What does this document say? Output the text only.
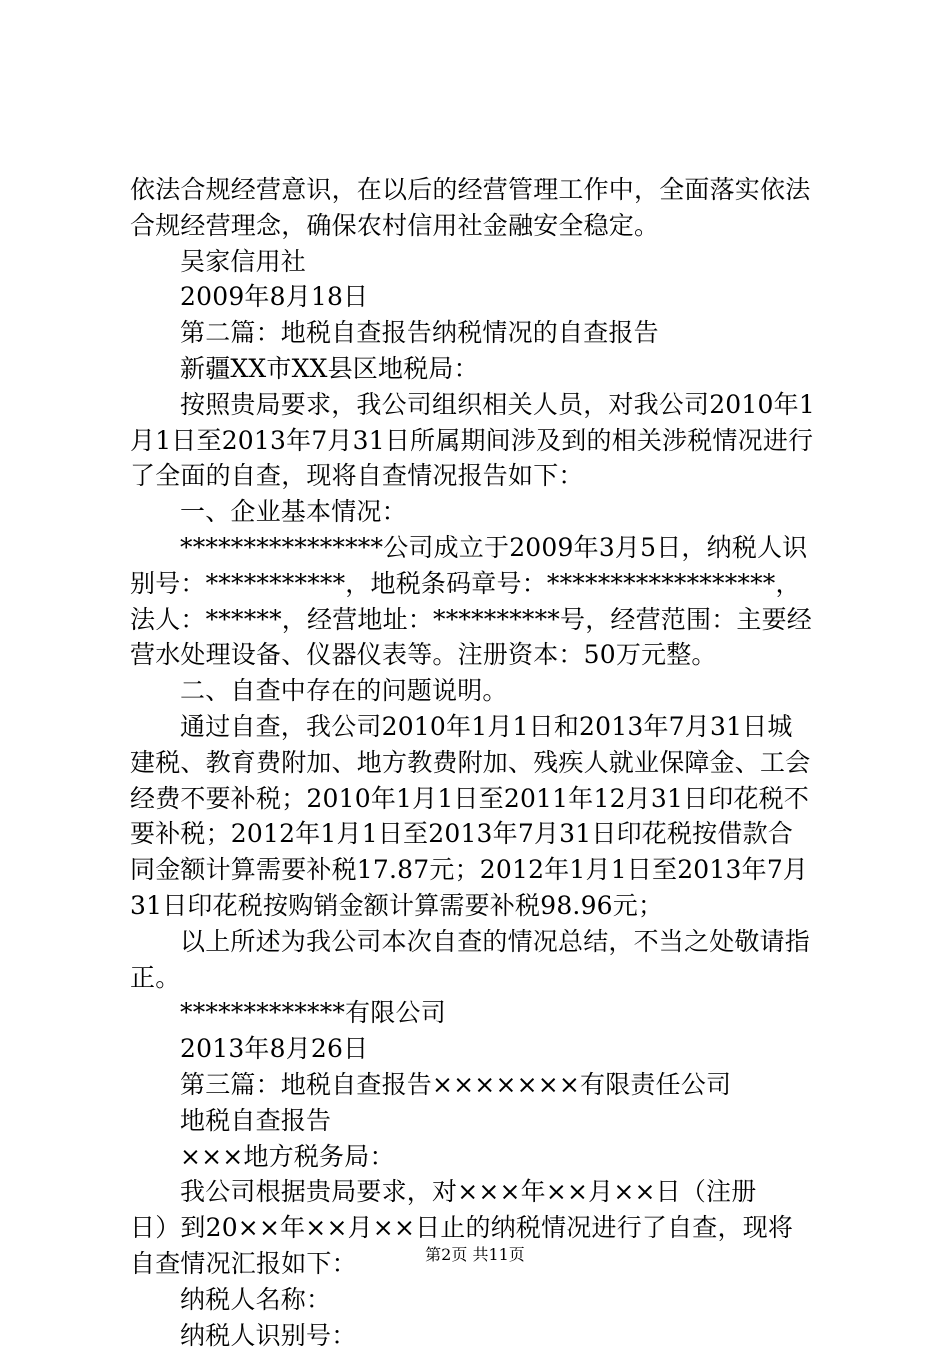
依法合规经营意识，在以后的经营管理工作中，全面落实依法
合规经营理念，确保农村信用社金融安全稳定。
吴家信用社
2009年8月18日
第二篇：地税自查报告纳税情况的自查报告
新疆XX市XX县区地税局：
按照贵局要求，我公司组织相关人员，对我公司2010年1
月1日至2013年7月31日所属期间涉及到的相关涉税情况进行
了全面的自查，现将自查情况报告如下：
一、企业基本情况：
****************公司成立于2009年3月5日，纳税人识
别号：***********，地税条码章号：******************，
法人：******，经营地址：**********号，经营范围：主要经
营水处理设备、仪器仪表等。注册资本：50万元整。
二、自查中存在的问题说明。
通过自查，我公司2010年1月1日和2013年7月31日城
建税、教育费附加、地方教费附加、残疾人就业保障金、工会
经费不要补税；2010年1月1日至2011年12月31日印花税不
要补税；2012年1月1日至2013年7月31日印花税按借款合
同金额计算需要补税17.87元；2012年1月1日至2013年7月
31日印花税按购销金额计算需要补税98.96元；
以上所述为我公司本次自查的情况总结，不当之处敬请指
正。
*************有限公司
2013年8月26日
第三篇：地税自查报告×××××××有限责任公司
地税自查报告
×××地方税务局：
我公司根据贵局要求，对×××年××月××日（注册
日）到20××年××月××日止的纳税情况进行了自查，现将
自查情况汇报如下：
纳税人名称：
纳税人识别号：
第2页 共11页
